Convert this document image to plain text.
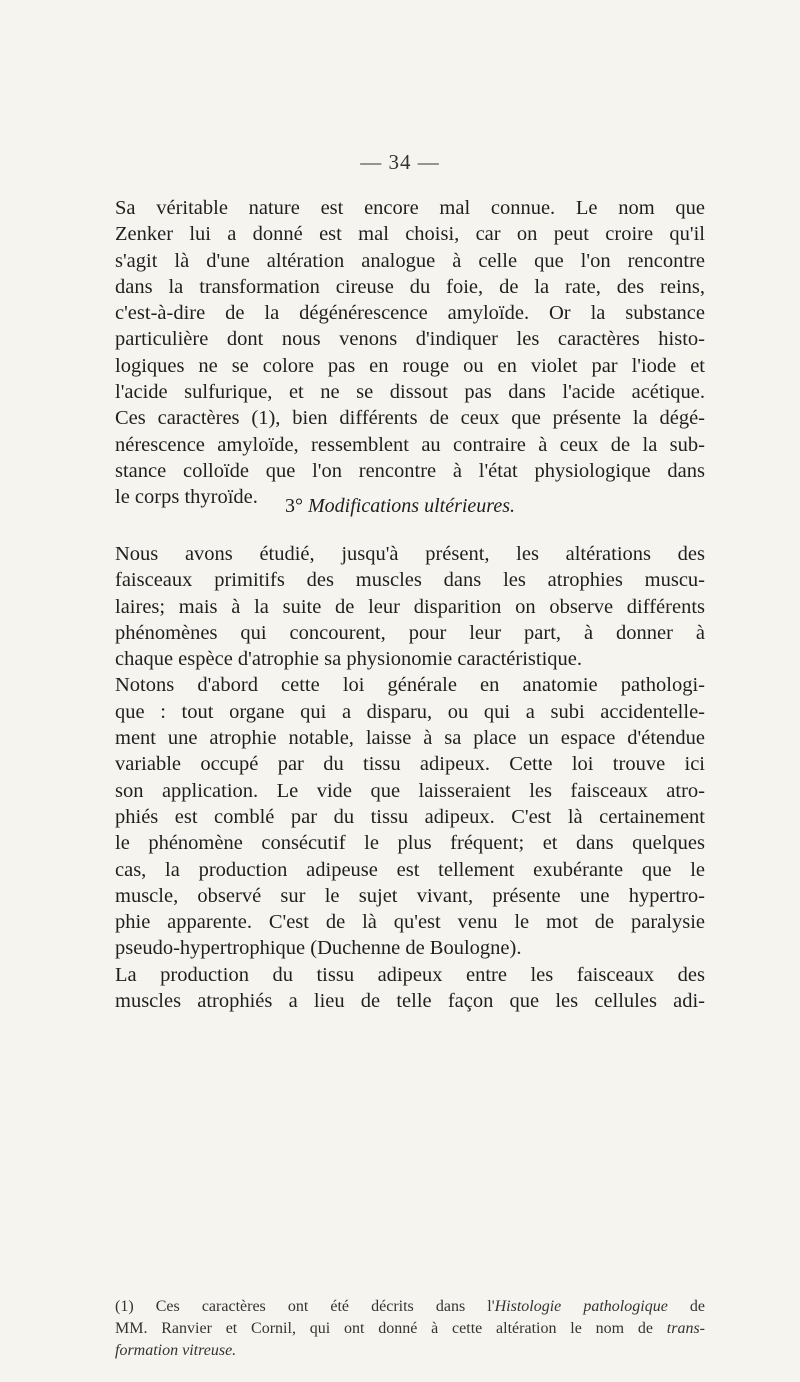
— 34 —
Sa véritable nature est encore mal connue. Le nom que
Zenker lui a donné est mal choisi, car on peut croire qu'il
s'agit là d'une altération analogue à celle que l'on rencontre
dans la transformation cireuse du foie, de la rate, des reins,
c'est-à-dire de la dégénérescence amyloïde. Or la substance
particulière dont nous venons d'indiquer les caractères histo-
logiques ne se colore pas en rouge ou en violet par l'iode et
l'acide sulfurique, et ne se dissout pas dans l'acide acétique.
Ces caractères (1), bien différents de ceux que présente la dégé-
nérescence amyloïde, ressemblent au contraire à ceux de la sub-
stance colloïde que l'on rencontre à l'état physiologique dans
le corps thyroïde.	3° Modifications ultérieures.
Nous avons étudié, jusqu'à présent, les altérations des
faisceaux primitifs des muscles dans les atrophies muscu-
laires; mais à la suite de leur disparition on observe différents
phénomènes qui concourent, pour leur part, à donner à
chaque espèce d'atrophie sa physionomie caractéristique.
Notons d'abord cette loi générale en anatomie pathologi-
que : tout organe qui a disparu, ou qui a subi accidentelle-
ment une atrophie notable, laisse à sa place un espace d'étendue
variable occupé par du tissu adipeux. Cette loi trouve ici
son application. Le vide que laisseraient les faisceaux atro-
phiés est comblé par du tissu adipeux. C'est là certainement
le phénomène consécutif le plus fréquent; et dans quelques
cas, la production adipeuse est tellement exubérante que le
muscle, observé sur le sujet vivant, présente une hypertro-
phie apparente. C'est de là qu'est venu le mot de paralysie
pseudo-hypertrophique (Duchenne de Boulogne).
La production du tissu adipeux entre les faisceaux des
muscles atrophiés a lieu de telle façon que les cellules adi-
(1) Ces caractères ont été décrits dans l'Histologie pathologique de
MM. Ranvier et Cornil, qui ont donné à cette altération le nom de trans-
formation vitreuse.
